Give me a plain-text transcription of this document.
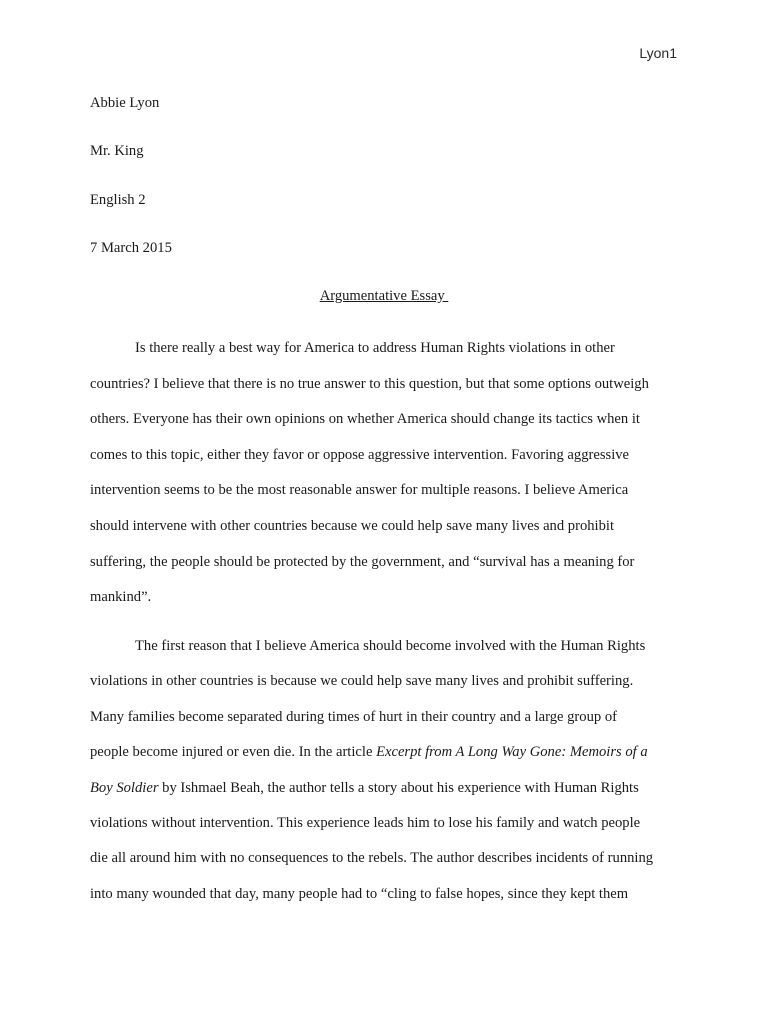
Lyon1
Abbie Lyon
Mr. King
English 2
7 March 2015
Argumentative Essay
Is there really a best way for America to address Human Rights violations in other
countries? I believe that there is no true answer to this question, but that some options outweigh
others. Everyone has their own opinions on whether America should change its tactics when it
comes to this topic, either they favor or oppose aggressive intervention. Favoring aggressive
intervention seems to be the most reasonable answer for multiple reasons. I believe America
should intervene with other countries because we could help save many lives and prohibit
suffering, the people should be protected by the government, and “survival has a meaning for
mankind”.
The first reason that I believe America should become involved with the Human Rights
violations in other countries is because we could help save many lives and prohibit suffering.
Many families become separated during times of hurt in their country and a large group of
people become injured or even die. In the article Excerpt from A Long Way Gone: Memoirs of a
Boy Soldier by Ishmael Beah, the author tells a story about his experience with Human Rights
violations without intervention. This experience leads him to lose his family and watch people
die all around him with no consequences to the rebels. The author describes incidents of running
into many wounded that day, many people had to “cling to false hopes, since they kept them
